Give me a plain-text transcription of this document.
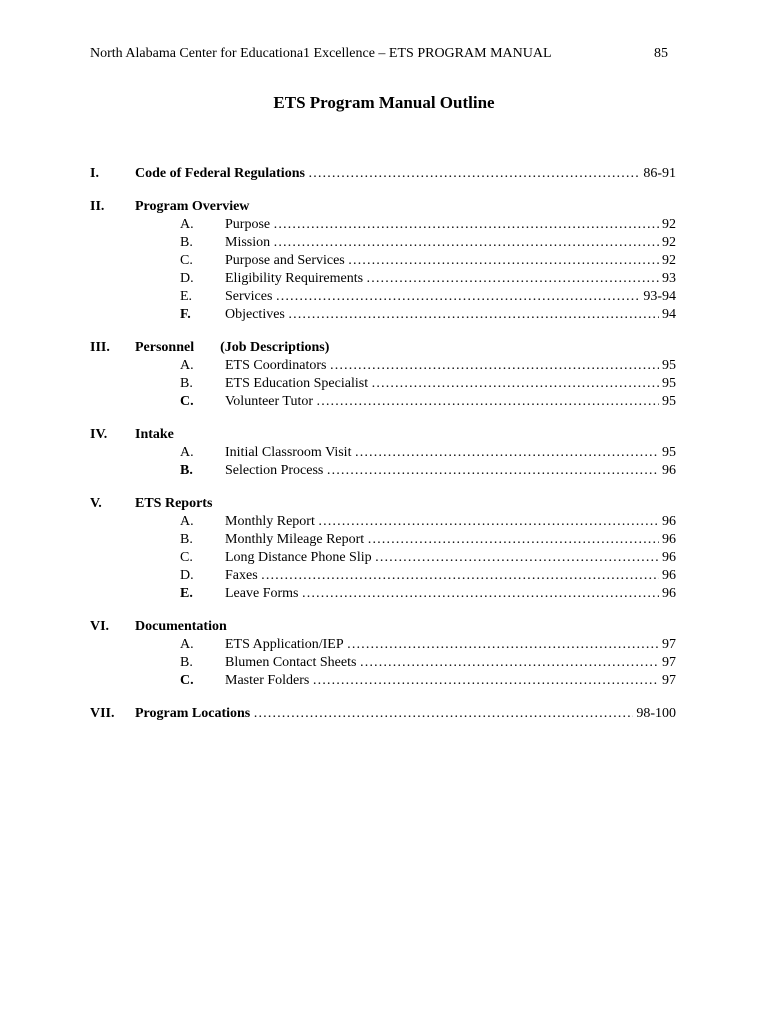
North Alabama Center for Educationa1 Excellence – ETS PROGRAM MANUAL	85
ETS Program Manual Outline
I.	Code of Federal Regulations ……………………………………………………………………………………………………………………………………………………………	86-91
II.	Program Overview
A.	Purpose ……………………………………………………………………………………………………………………………………………………………	92
B.	Mission ……………………………………………………………………………………………………………………………………………………………	92
C.	Purpose and Services ……………………………………………………………………………………………………………………………………………………………	92
D.	Eligibility Requirements ……………………………………………………………………………………………………………………………………………………………	93
E.	Services ……………………………………………………………………………………………………………………………………………………………	93-94
F.	Objectives ……………………………………………………………………………………………………………………………………………………………	94
III.	Personnel (Job Descriptions)
A.	ETS Coordinators ……………………………………………………………………………………………………………………………………………………………	95
B.	ETS Education Specialist ……………………………………………………………………………………………………………………………………………………………	95
C.	Volunteer Tutor ……………………………………………………………………………………………………………………………………………………………	95
IV.	Intake
A.	Initial Classroom Visit ……………………………………………………………………………………………………………………………………………………………	95
B.	Selection Process ……………………………………………………………………………………………………………………………………………………………	96
V.	ETS Reports
A.	Monthly Report ……………………………………………………………………………………………………………………………………………………………	96
B.	Monthly Mileage Report ……………………………………………………………………………………………………………………………………………………………	96
C.	Long Distance Phone Slip ……………………………………………………………………………………………………………………………………………………………	96
D.	Faxes ……………………………………………………………………………………………………………………………………………………………	96
E.	Leave Forms ……………………………………………………………………………………………………………………………………………………………	96
VI.	Documentation
A.	ETS Application/IEP ……………………………………………………………………………………………………………………………………………………………	97
B.	Blumen Contact Sheets ……………………………………………………………………………………………………………………………………………………………	97
C.	Master Folders ……………………………………………………………………………………………………………………………………………………………	97
VII.	Program Locations ……………………………………………………………………………………………………………………………………………………………	98-100
